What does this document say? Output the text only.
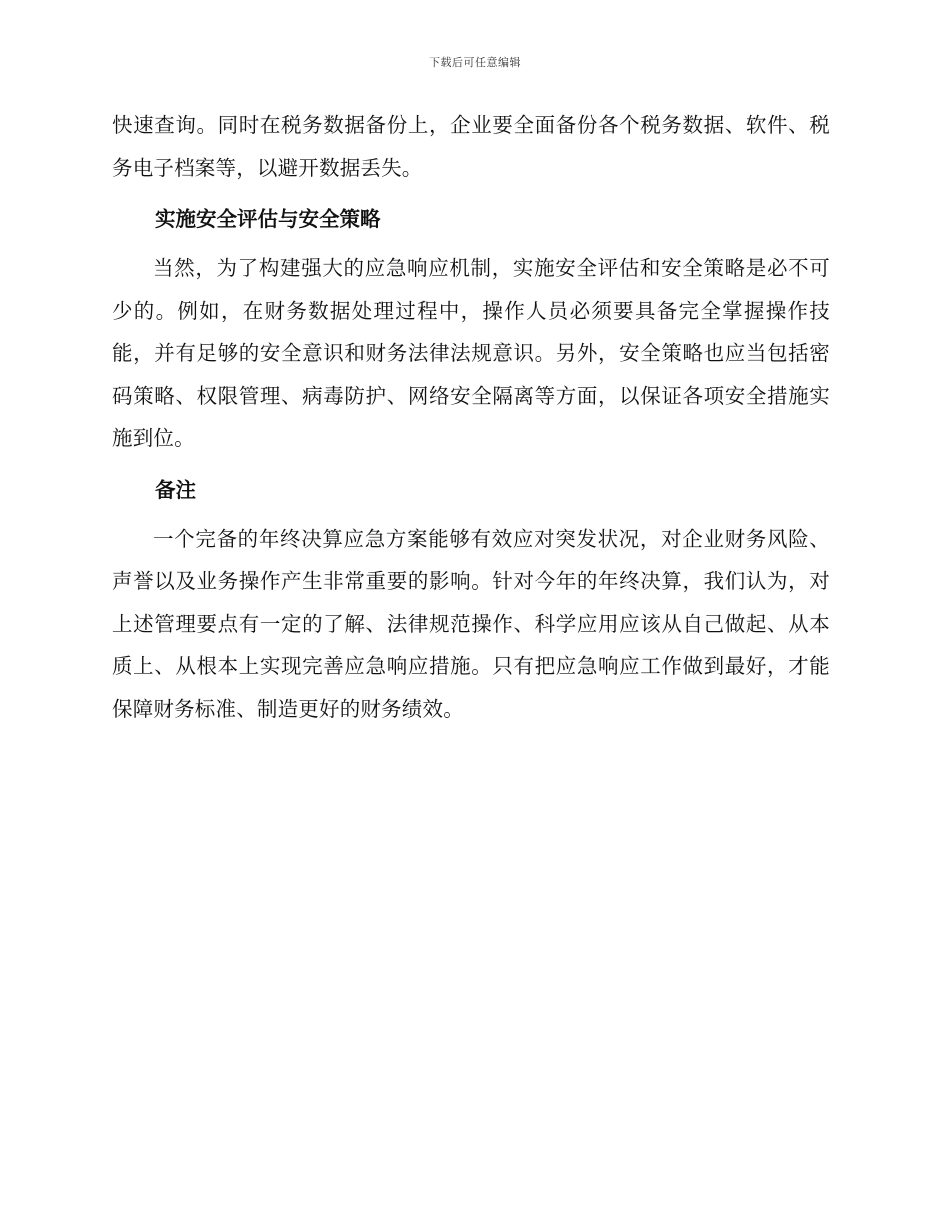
下载后可任意编辑

快速查询。同时在税务数据备份上，企业要全面备份各个税务数据、软件、税务电子档案等，以避开数据丢失。

实施安全评估与安全策略

当然，为了构建强大的应急响应机制，实施安全评估和安全策略是必不可少的。例如，在财务数据处理过程中，操作人员必须要具备完全掌握操作技能，并有足够的安全意识和财务法律法规意识。另外，安全策略也应当包括密码策略、权限管理、病毒防护、网络安全隔离等方面，以保证各项安全措施实施到位。

备注

一个完备的年终决算应急方案能够有效应对突发状况，对企业财务风险、声誉以及业务操作产生非常重要的影响。针对今年的年终决算，我们认为，对上述管理要点有一定的了解、法律规范操作、科学应用应该从自己做起、从本质上、从根本上实现完善应急响应措施。只有把应急响应工作做到最好，才能保障财务标准、制造更好的财务绩效。
